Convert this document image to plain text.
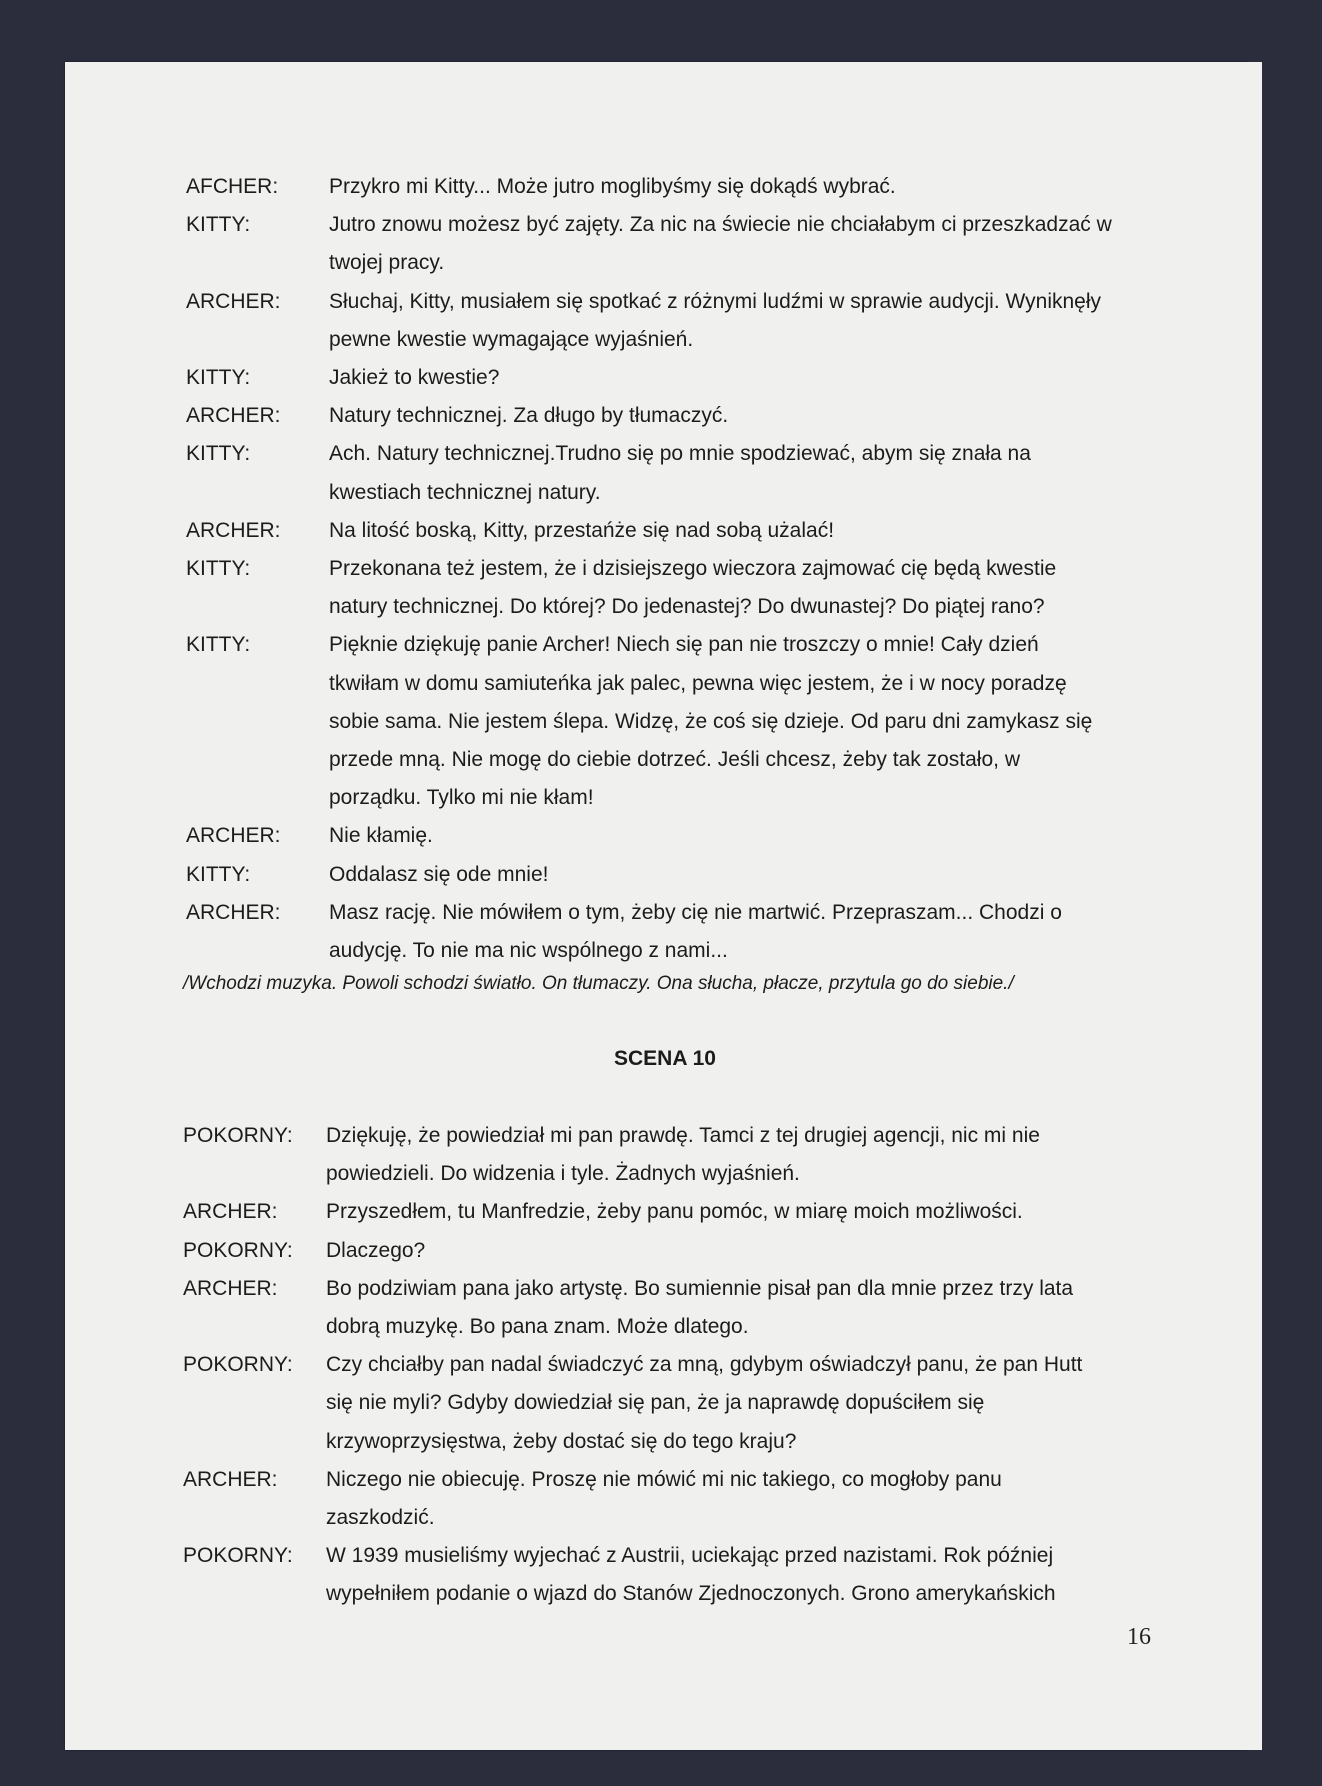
AFCHER: Przykro mi Kitty... Może jutro moglibyśmy się dokądś wybrać.
KITTY:	Jutro znowu możesz być zajęty. Za nic na świecie nie chciałabym ci przeszkadzać w
twojej pracy.
ARCHER: Słuchaj, Kitty, musiałem się spotkać z różnymi ludźmi w sprawie audycji. Wyniknęły
pewne kwestie wymagające wyjaśnień.
KITTY:	Jakież to kwestie?
ARCHER: Natury technicznej. Za długo by tłumaczyć.
KITTY:	Ach. Natury technicznej.Trudno się po mnie spodziewać, abym się znała na
kwestiach technicznej natury.
ARCHER: Na litość boską, Kitty, przestańże się nad sobą użalać!
KITTY:	Przekonana też jestem, że i dzisiejszego wieczora zajmować cię będą kwestie
natury technicznej. Do której? Do jedenastej? Do dwunastej? Do piątej rano?
KITTY:	Pięknie dziękuję panie Archer! Niech się pan nie troszczy o mnie! Cały dzień
tkwiłam w domu samiuteńka jak palec, pewna więc jestem, że i w nocy poradzę
sobie sama. Nie jestem ślepa. Widzę, że coś się dzieje. Od paru dni zamykasz się
przede mną. Nie mogę do ciebie dotrzeć. Jeśli chcesz, żeby tak zostało, w
porządku. Tylko mi nie kłam!
ARCHER: Nie kłamię.
KITTY:	Oddalasz się ode mnie!
ARCHER: Masz rację. Nie mówiłem o tym, żeby cię nie martwić. Przepraszam... Chodzi o
audycję. To nie ma nic wspólnego z nami...
POKORNY: Dziękuję, że powiedział mi pan prawdę. Tamci z tej drugiej agencji, nic mi nie
powiedzieli. Do widzenia i tyle. Żadnych wyjaśnień.
ARCHER: Przyszedłem, tu Manfredzie, żeby panu pomóc, w miarę moich możliwości.
POKORNY: Dlaczego?
ARCHER: Bo podziwiam pana jako artystę. Bo sumiennie pisał pan dla mnie przez trzy lata
dobrą muzykę. Bo pana znam. Może dlatego.
POKORNY: Czy chciałby pan nadal świadczyć za mną, gdybym oświadczył panu, że pan Hutt
się nie myli? Gdyby dowiedział się pan, że ja naprawdę dopuściłem się
krzywoprzysięstwa, żeby dostać się do tego kraju?
ARCHER: Niczego nie obiecuję. Proszę nie mówić mi nic takiego, co mogłoby panu
zaszkodzić.
POKORNY: W 1939 musieliśmy wyjechać z Austrii, uciekając przed nazistami. Rok później
wypełniłem podanie o wjazd do Stanów Zjednoczonych. Grono amerykańskich
/Wchodzi muzyka. Powoli schodzi światło. On tłumaczy. Ona słucha, płacze, przytula go do siebie./
SCENA 10
16
